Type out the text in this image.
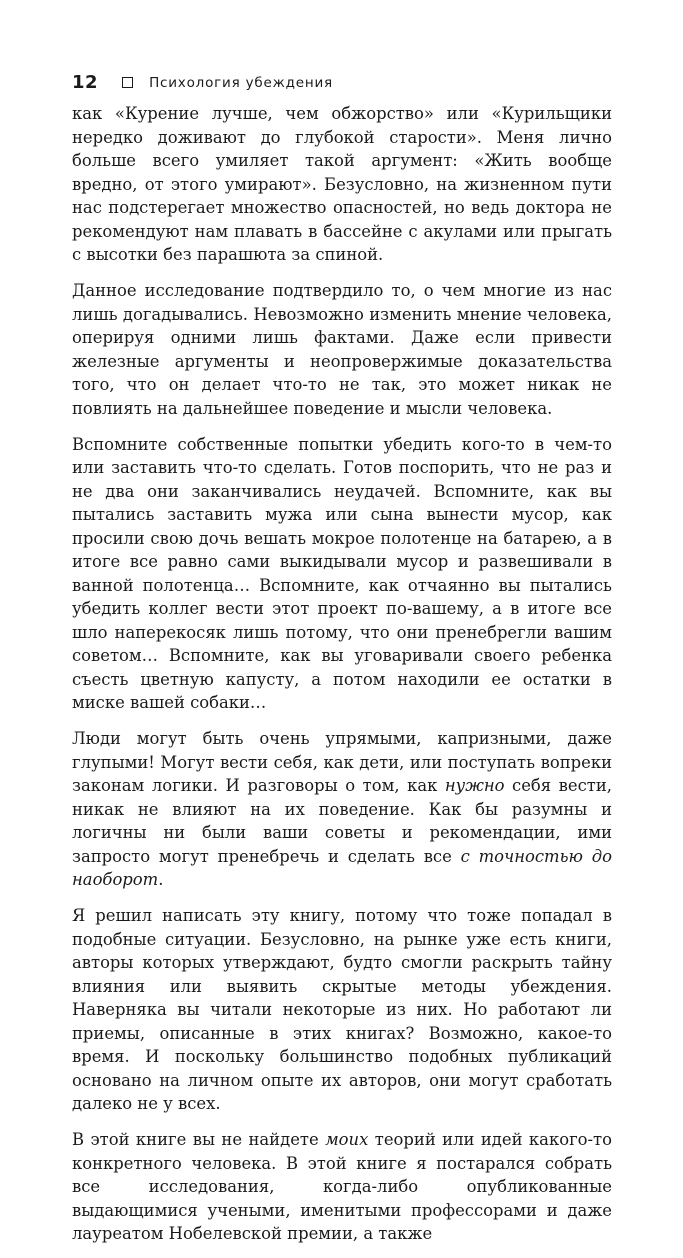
12	Психология убеждения

как «Курение лучше, чем обжорство» или «Курильщики нередко доживают до глубокой старости». Меня лично больше всего умиляет такой аргумент: «Жить вообще вредно, от этого умирают». Безусловно, на жизненном пути нас подстерегает множество опасностей, но ведь доктора не рекомендуют нам плавать в бассейне с акулами или прыгать с высотки без парашюта за спиной.

Данное исследование подтвердило то, о чем многие из нас лишь догадывались. Невозможно изменить мнение человека, оперируя одними лишь фактами. Даже если привести железные аргументы и неопровержимые доказательства того, что он делает что-то не так, это может никак не повлиять на дальнейшее поведение и мысли человека.

Вспомните собственные попытки убедить кого-то в чем-то или заставить что-то сделать. Готов поспорить, что не раз и не два они заканчивались неудачей. Вспомните, как вы пытались заставить мужа или сына вынести мусор, как просили свою дочь вешать мокрое полотенце на батарею, а в итоге все равно сами выкидывали мусор и развешивали в ванной полотенца… Вспомните, как отчаянно вы пытались убедить коллег вести этот проект по-вашему, а в итоге все шло наперекосяк лишь потому, что они пренебрегли вашим советом… Вспомните, как вы уговаривали своего ребенка съесть цветную капусту, а потом находили ее остатки в миске вашей собаки…

Люди могут быть очень упрямыми, капризными, даже глупыми! Могут вести себя, как дети, или поступать вопреки законам логики. И разговоры о том, как нужно себя вести, никак не влияют на их поведение. Как бы разумны и логичны ни были ваши советы и рекомендации, ими запросто могут пренебречь и сделать все с точностью до наоборот.

Я решил написать эту книгу, потому что тоже попадал в подобные ситуации. Безусловно, на рынке уже есть книги, авторы которых утверждают, будто смогли раскрыть тайну влияния или выявить скрытые методы убеждения. Наверняка вы читали некоторые из них. Но работают ли приемы, описанные в этих книгах? Возможно, какое-то время. И поскольку большинство подобных публикаций основано на личном опыте их авторов, они могут сработать далеко не у всех.

В этой книге вы не найдете моих теорий или идей какого-то конкретного человека. В этой книге я постарался собрать все исследования, когда-либо опубликованные выдающимися учеными, именитыми профессорами и даже лауреатом Нобелевской премии, а также
